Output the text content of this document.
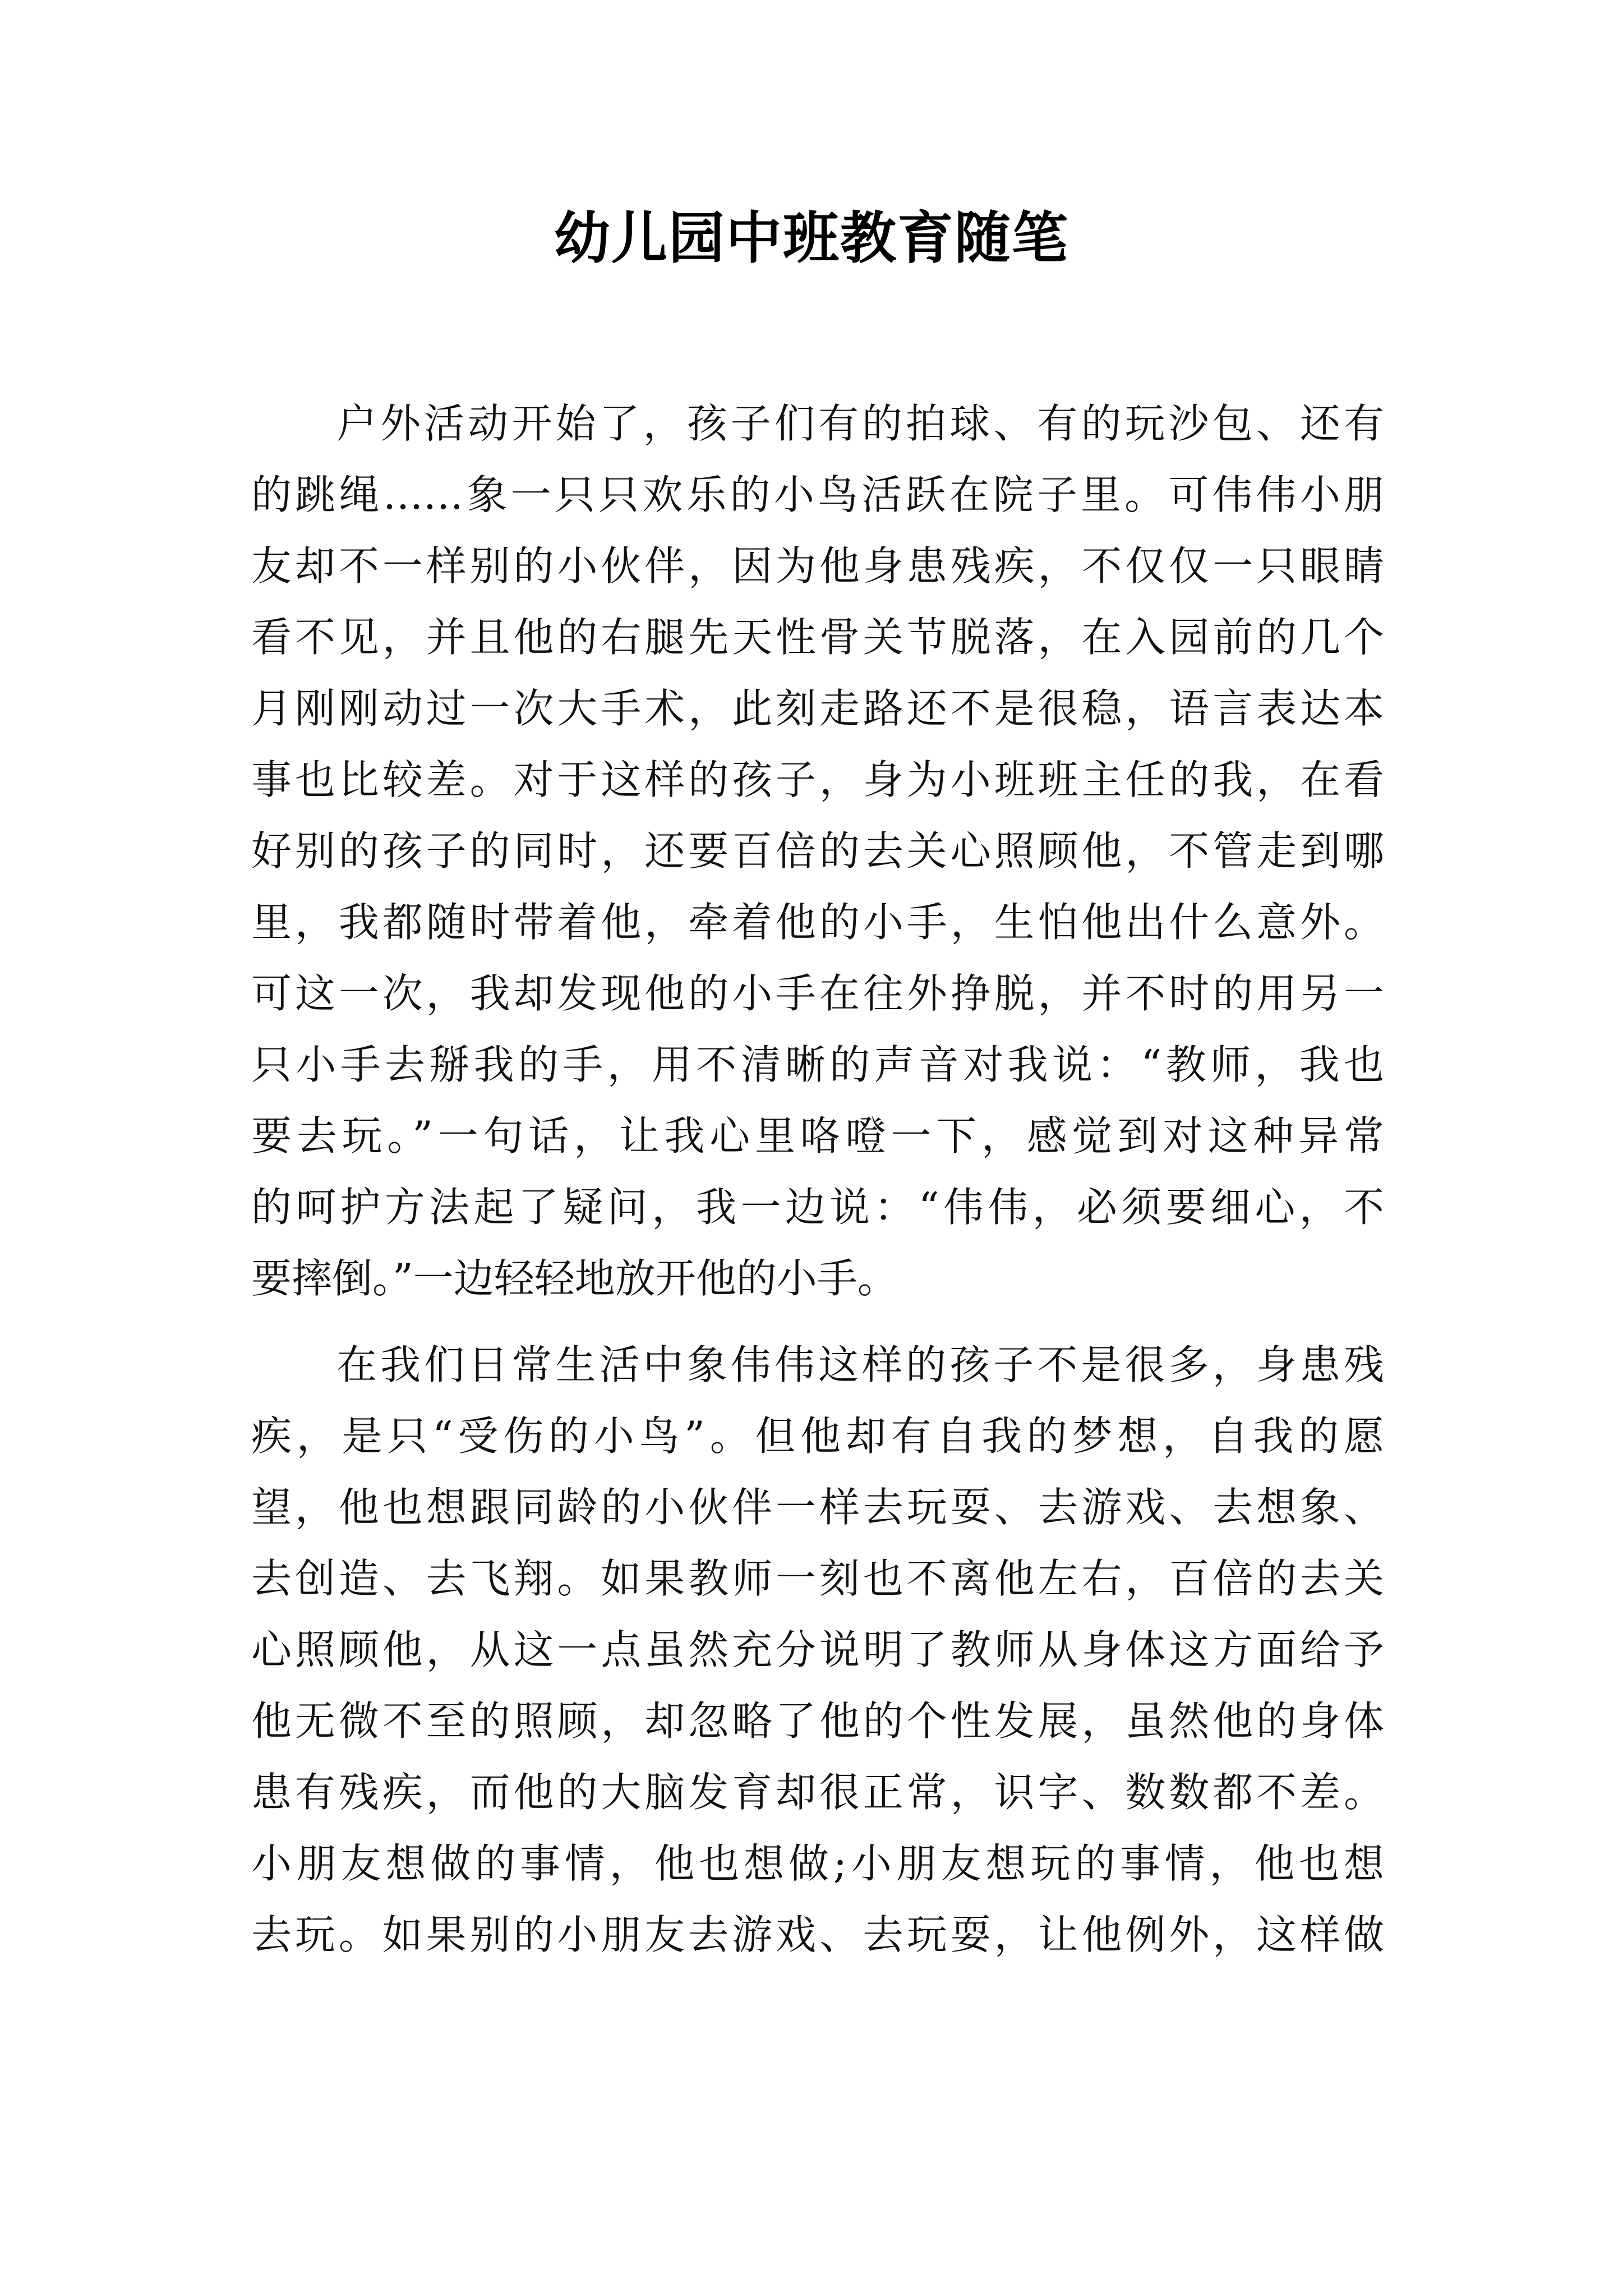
幼儿园中班教育随笔
户外活动开始了，孩子们有的拍球、有的玩沙包、还有
的跳绳……象一只只欢乐的小鸟活跃在院子里。可伟伟小朋
友却不一样别的小伙伴，因为他身患残疾，不仅仅一只眼睛
看不见，并且他的右腿先天性骨关节脱落，在入园前的几个
月刚刚动过一次大手术，此刻走路还不是很稳，语言表达本
事也比较差。对于这样的孩子，身为小班班主任的我，在看
好别的孩子的同时，还要百倍的去关心照顾他，不管走到哪
里，我都随时带着他，牵着他的小手，生怕他出什么意外。
可这一次，我却发现他的小手在往外挣脱，并不时的用另一
只小手去掰我的手，用不清晰的声音对我说：“教师，我也
要去玩。”一句话，让我心里咯噔一下，感觉到对这种异常
的呵护方法起了疑问，我一边说：“伟伟，必须要细心，不
要摔倒。”一边轻轻地放开他的小手。
在我们日常生活中象伟伟这样的孩子不是很多，身患残
疾，是只“受伤的小鸟”。但他却有自我的梦想，自我的愿
望，他也想跟同龄的小伙伴一样去玩耍、去游戏、去想象、
去创造、去飞翔。如果教师一刻也不离他左右，百倍的去关
心照顾他，从这一点虽然充分说明了教师从身体这方面给予
他无微不至的照顾，却忽略了他的个性发展，虽然他的身体
患有残疾，而他的大脑发育却很正常，识字、数数都不差。
小朋友想做的事情，他也想做;小朋友想玩的事情，他也想
去玩。如果别的小朋友去游戏、去玩耍，让他例外，这样做
